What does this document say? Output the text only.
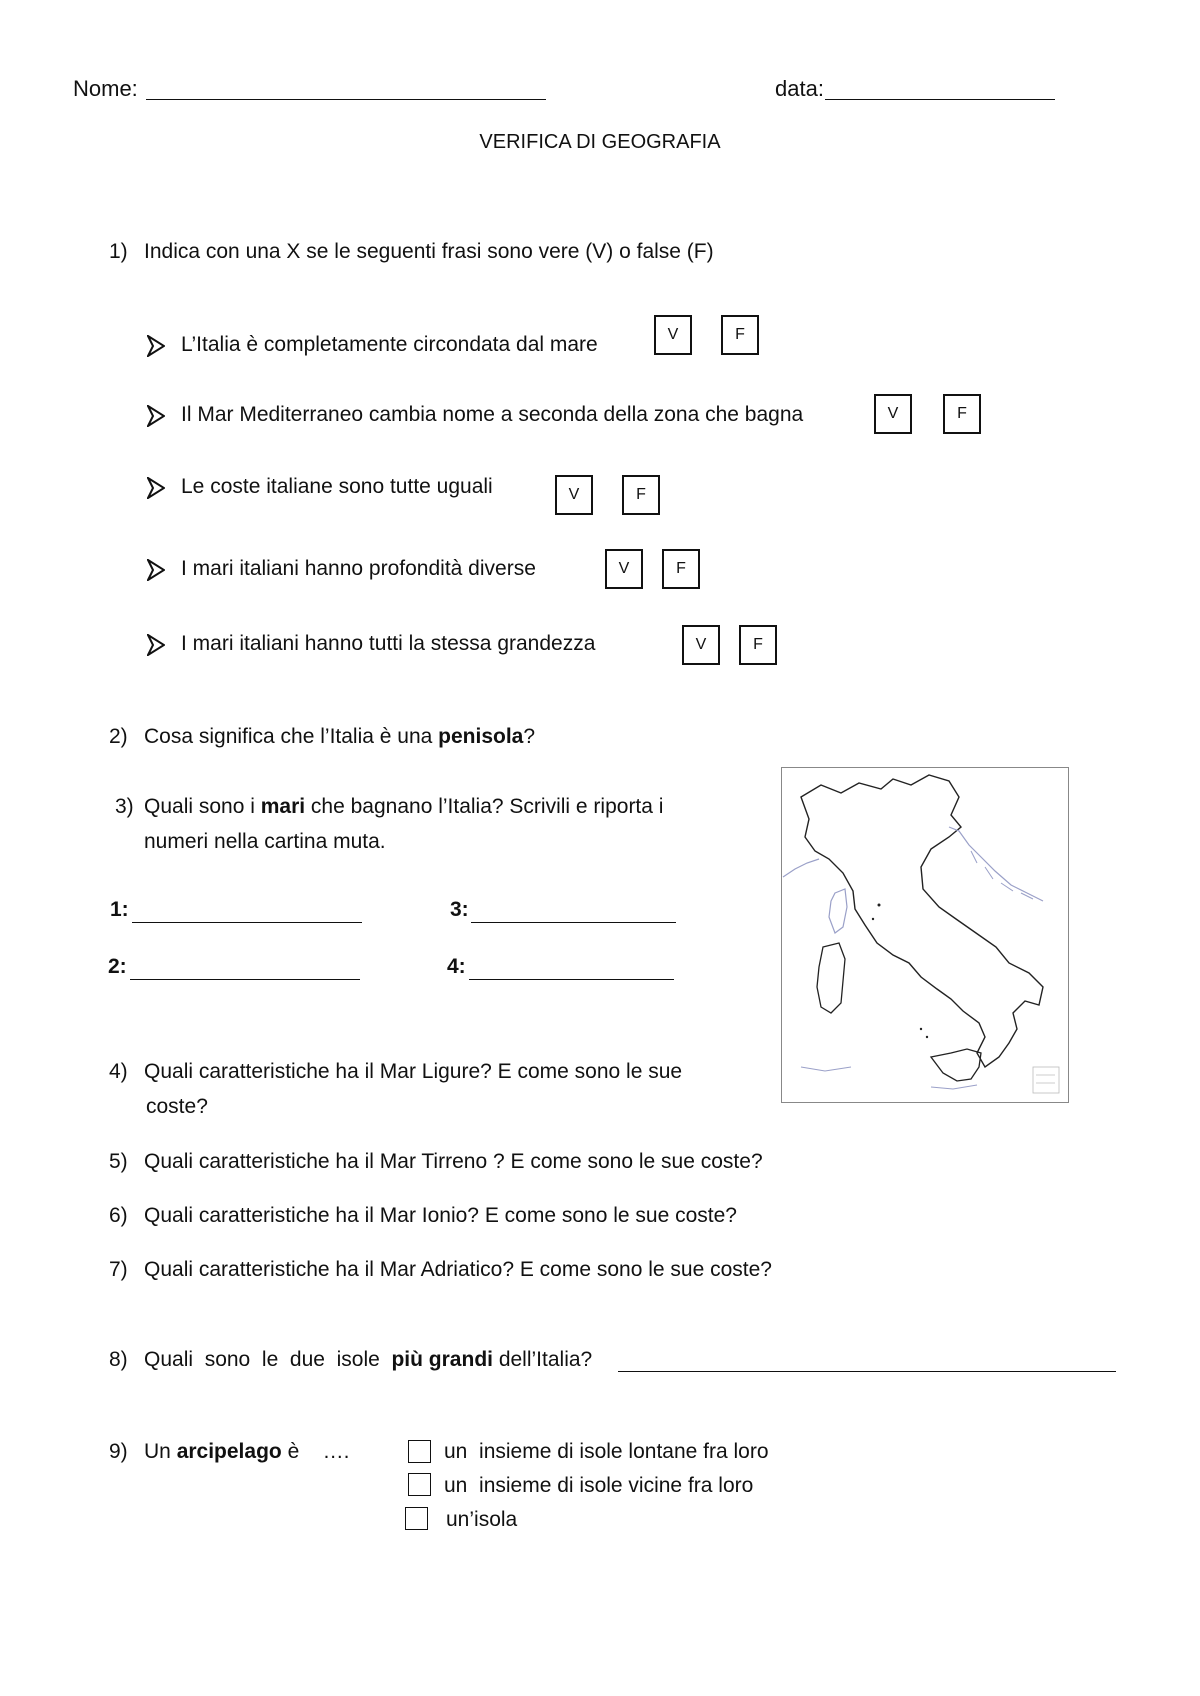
Nome:	data:
VERIFICA DI GEOGRAFIA
1) Indica con una X se le seguenti frasi sono vere (V) o false (F)
L’Italia è completamente circondata dal mare	V	F
Il Mar Mediterraneo cambia nome a seconda della zona che bagna	V	F
Le coste italiane sono tutte uguali	V	F
I mari italiani hanno profondità diverse	V	F
I mari italiani hanno tutti la stessa grandezza	V	F
2) Cosa significa che l’Italia è una penisola?
3) Quali sono i mari che bagnano l’Italia? Scrivili e riporta i
numeri nella cartina muta.
1:	3:
2:	4:
4) Quali caratteristiche ha il Mar Ligure? E come sono le sue
coste?
5) Quali caratteristiche ha il Mar Tirreno ? E come sono le sue coste?
6) Quali caratteristiche ha il Mar Ionio? E come sono le sue coste?
7) Quali caratteristiche ha il Mar Adriatico? E come sono le sue coste?
8) Quali  sono  le  due  isole  più grandi dell’Italia?
9) Un arcipelago è    ….	un  insieme di isole lontane fra loro
un  insieme di isole vicine fra loro
un’isola
